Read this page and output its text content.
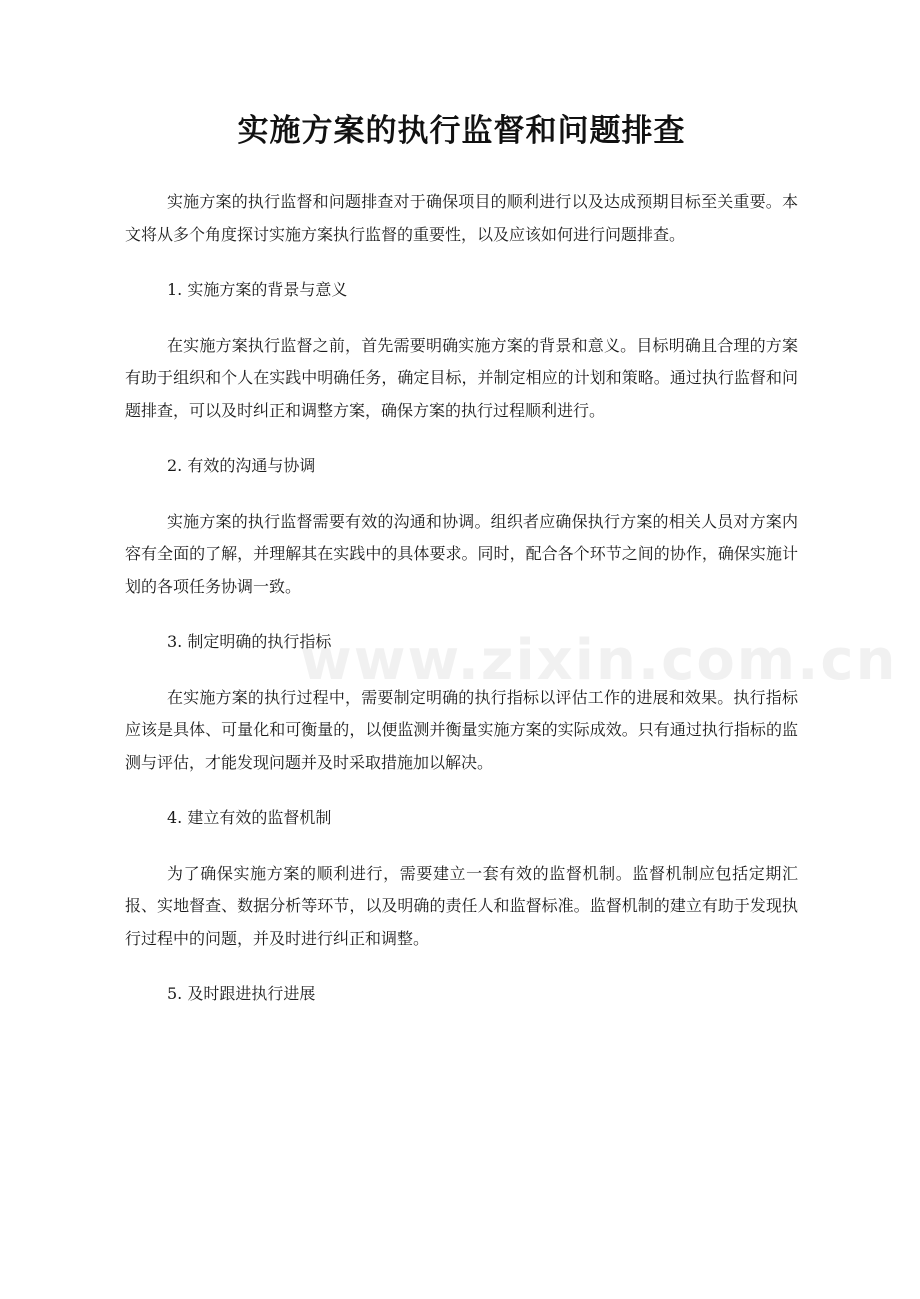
www.zixin.com.cn
实施方案的执行监督和问题排查

实施方案的执行监督和问题排查对于确保项目的顺利进行以及达成预期目标至关重要。本文将从多个角度探讨实施方案执行监督的重要性，以及应该如何进行问题排查。

1. 实施方案的背景与意义

在实施方案执行监督之前，首先需要明确实施方案的背景和意义。目标明确且合理的方案有助于组织和个人在实践中明确任务，确定目标，并制定相应的计划和策略。通过执行监督和问题排查，可以及时纠正和调整方案，确保方案的执行过程顺利进行。

2. 有效的沟通与协调

实施方案的执行监督需要有效的沟通和协调。组织者应确保执行方案的相关人员对方案内容有全面的了解，并理解其在实践中的具体要求。同时，配合各个环节之间的协作，确保实施计划的各项任务协调一致。

3. 制定明确的执行指标

在实施方案的执行过程中，需要制定明确的执行指标以评估工作的进展和效果。执行指标应该是具体、可量化和可衡量的，以便监测并衡量实施方案的实际成效。只有通过执行指标的监测与评估，才能发现问题并及时采取措施加以解决。

4. 建立有效的监督机制

为了确保实施方案的顺利进行，需要建立一套有效的监督机制。监督机制应包括定期汇报、实地督查、数据分析等环节，以及明确的责任人和监督标准。监督机制的建立有助于发现执行过程中的问题，并及时进行纠正和调整。

5. 及时跟进执行进展
